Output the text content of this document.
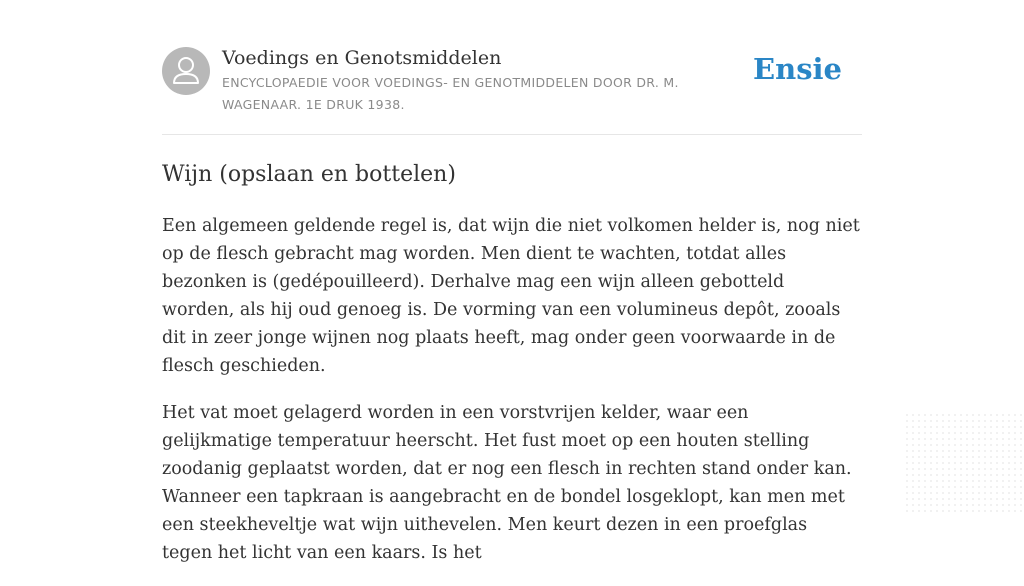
Voedings en Genotsmiddelen
ENCYCLOPAEDIE VOOR VOEDINGS- EN GENOTMIDDELEN DOOR DR. M. WAGENAAR. 1E DRUK 1938.
Ensie
Wijn (opslaan en bottelen)

Een algemeen geldende regel is, dat wijn die niet volkomen helder is, nog niet op de flesch gebracht mag worden. Men dient te wachten, totdat alles bezonken is (gedépouilleerd). Derhalve mag een wijn alleen gebotteld worden, als hij oud genoeg is. De vorming van een volumineus depôt, zooals dit in zeer jonge wijnen nog plaats heeft, mag onder geen voorwaarde in de flesch geschieden.

Het vat moet gelagerd worden in een vorstvrijen kelder, waar een gelijkmatige temperatuur heerscht. Het fust moet op een houten stelling zoodanig geplaatst worden, dat er nog een flesch in rechten stand onder kan. Wanneer een tapkraan is aangebracht en de bondel losgeklopt, kan men met een steekheveltje wat wijn uithevelen. Men keurt dezen in een proefglas tegen het licht van een kaars. Is het
